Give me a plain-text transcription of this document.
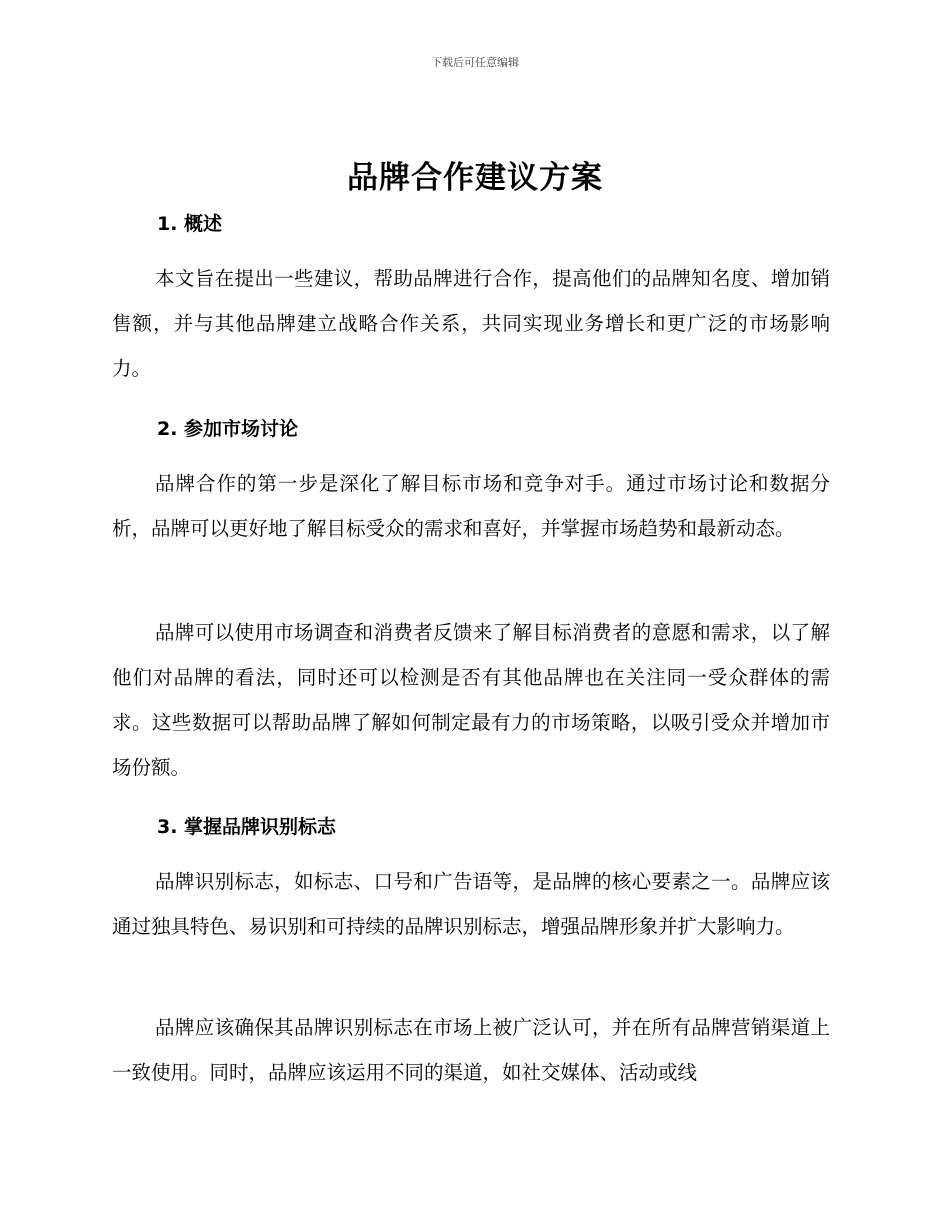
下载后可任意编辑
品牌合作建议方案
1. 概述
本文旨在提出一些建议，帮助品牌进行合作，提高他们的品牌知名度、增加销售额，并与其他品牌建立战略合作关系，共同实现业务增长和更广泛的市场影响力。
2. 参加市场讨论
品牌合作的第一步是深化了解目标市场和竞争对手。通过市场讨论和数据分析，品牌可以更好地了解目标受众的需求和喜好，并掌握市场趋势和最新动态。
品牌可以使用市场调查和消费者反馈来了解目标消费者的意愿和需求，以了解他们对品牌的看法，同时还可以检测是否有其他品牌也在关注同一受众群体的需求。这些数据可以帮助品牌了解如何制定最有力的市场策略，以吸引受众并增加市场份额。
3. 掌握品牌识别标志
品牌识别标志，如标志、口号和广告语等，是品牌的核心要素之一。品牌应该通过独具特色、易识别和可持续的品牌识别标志，增强品牌形象并扩大影响力。
品牌应该确保其品牌识别标志在市场上被广泛认可，并在所有品牌营销渠道上一致使用。同时，品牌应该运用不同的渠道，如社交媒体、活动或线
